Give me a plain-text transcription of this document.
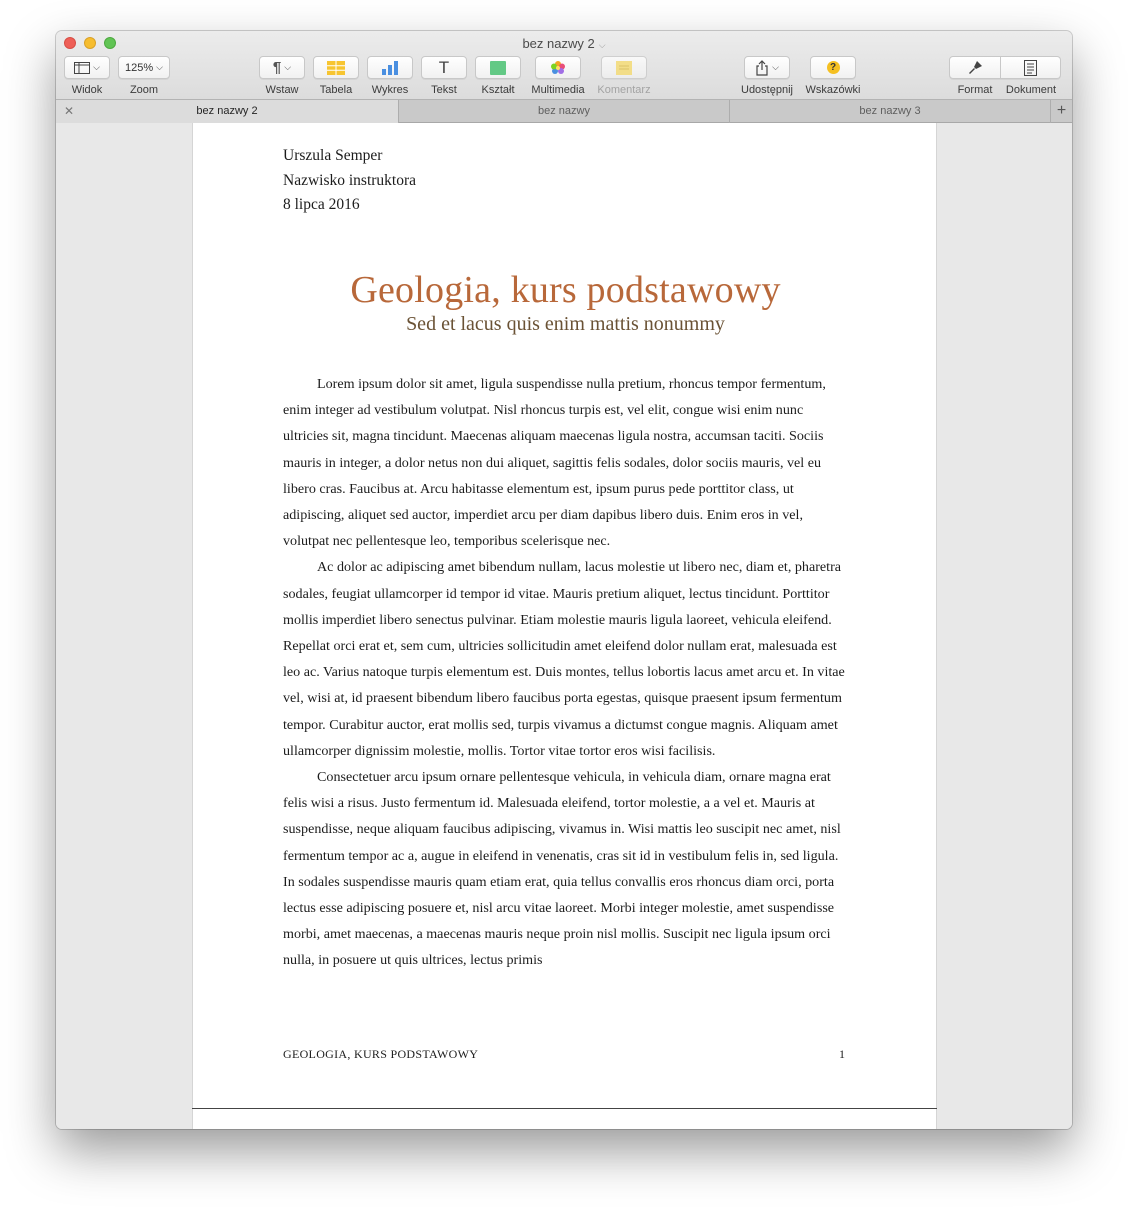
bez nazwy 2 ⌵
⌵
Widok
125% ⌵
Zoom
¶ ⌵
Wstaw	Tabela	Wykres
T
Tekst	Kształt	Multimedia Komentarz
⌵
Udostępnij
?
Wskazówki	Format	Dokument
✕	bez nazwy 2	bez nazwy	bez nazwy 3	+
Urszula Semper
Nazwisko instruktora
8 lipca 2016
Geologia, kurs podstawowy
Sed et lacus quis enim mattis nonummy

Lorem ipsum dolor sit amet, ligula suspendisse nulla pretium, rhoncus tempor fermentum, enim integer ad vestibulum volutpat. Nisl rhoncus turpis est, vel elit, congue wisi enim nunc ultricies sit, magna tincidunt. Maecenas aliquam maecenas ligula nostra, accumsan taciti. Sociis mauris in integer, a dolor netus non dui aliquet, sagittis felis sodales, dolor sociis mauris, vel eu libero cras. Faucibus at. Arcu habitasse elementum est, ipsum purus pede porttitor class, ut adipiscing, aliquet sed auctor, imperdiet arcu per diam dapibus libero duis. Enim eros in vel, volutpat nec pellentesque leo, temporibus scelerisque nec.

Ac dolor ac adipiscing amet bibendum nullam, lacus molestie ut libero nec, diam et, pharetra sodales, feugiat ullamcorper id tempor id vitae. Mauris pretium aliquet, lectus tincidunt. Porttitor mollis imperdiet libero senectus pulvinar. Etiam molestie mauris ligula laoreet, vehicula eleifend. Repellat orci erat et, sem cum, ultricies sollicitudin amet eleifend dolor nullam erat, malesuada est leo ac. Varius natoque turpis elementum est. Duis montes, tellus lobortis lacus amet arcu et. In vitae vel, wisi at, id praesent bibendum libero faucibus porta egestas, quisque praesent ipsum fermentum tempor. Curabitur auctor, erat mollis sed, turpis vivamus a dictumst congue magnis. Aliquam amet ullamcorper dignissim molestie, mollis. Tortor vitae tortor eros wisi facilisis.

Consectetuer arcu ipsum ornare pellentesque vehicula, in vehicula diam, ornare magna erat felis wisi a risus. Justo fermentum id. Malesuada eleifend, tortor molestie, a a vel et. Mauris at suspendisse, neque aliquam faucibus adipiscing, vivamus in. Wisi mattis leo suscipit nec amet, nisl fermentum tempor ac a, augue in eleifend in venenatis, cras sit id in vestibulum felis in, sed ligula. In sodales suspendisse mauris quam etiam erat, quia tellus convallis eros rhoncus diam orci, porta lectus esse adipiscing posuere et, nisl arcu vitae laoreet. Morbi integer molestie, amet suspendisse morbi, amet maecenas, a maecenas mauris neque proin nisl mollis. Suscipit nec ligula ipsum orci nulla, in posuere ut quis ultrices, lectus primis

GEOLOGIA, KURS PODSTAWOWY	1
